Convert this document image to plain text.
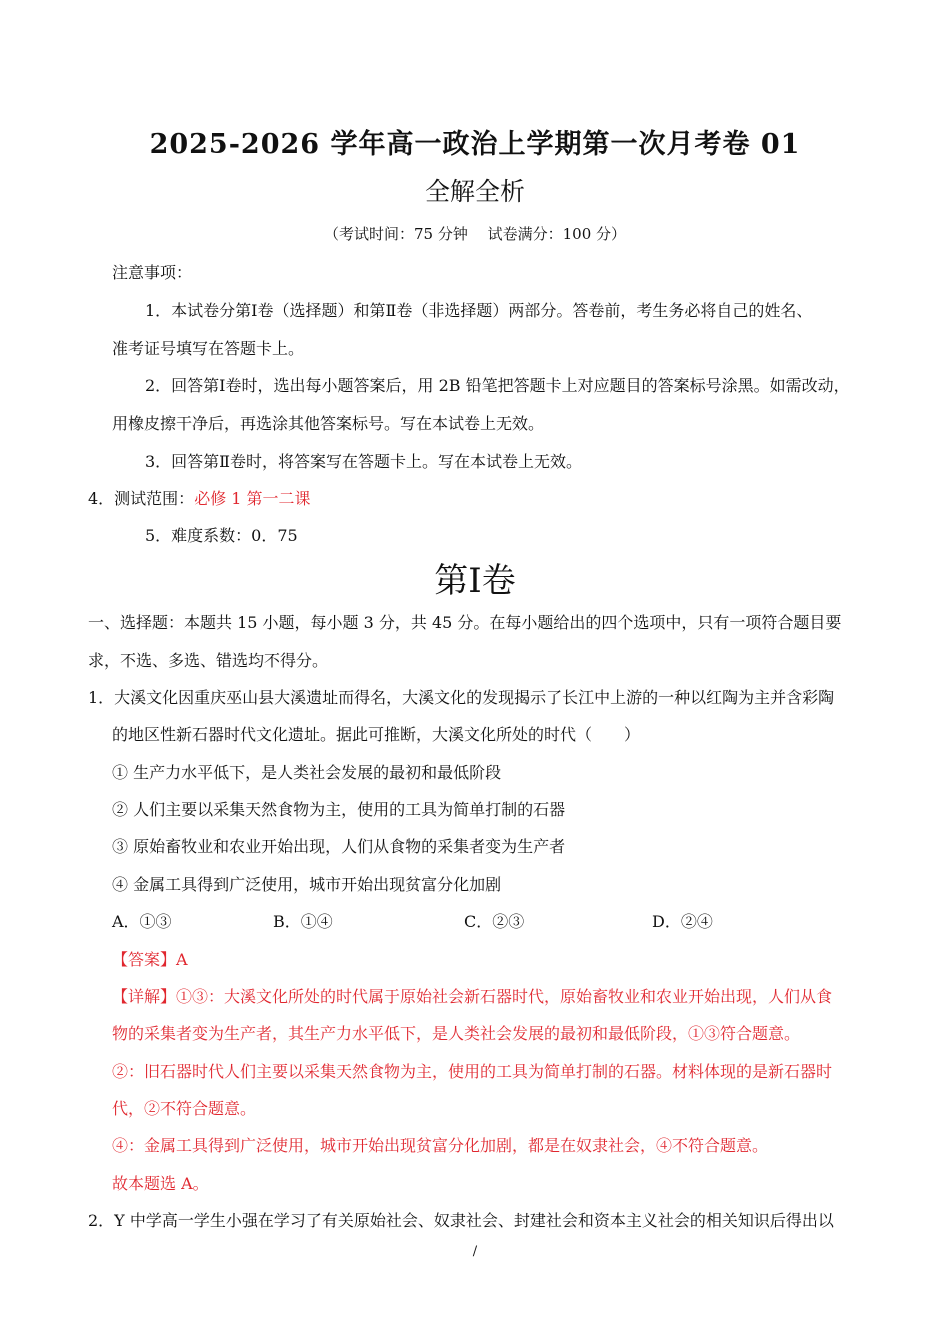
2025-2026 学年高一政治上学期第一次月考卷 01
全解全析
（考试时间：75 分钟　 试卷满分：100 分）
注意事项：
1．本试卷分第Ⅰ卷（选择题）和第Ⅱ卷（非选择题）两部分。答卷前，考生务必将自己的姓名、
准考证号填写在答题卡上。
2．回答第Ⅰ卷时，选出每小题答案后，用 2B 铅笔把答题卡上对应题目的答案标号涂黑。如需改动，
用橡皮擦干净后，再选涂其他答案标号。写在本试卷上无效。
3．回答第Ⅱ卷时，将答案写在答题卡上。写在本试卷上无效。
4．测试范围：必修 1 第一二课
5．难度系数：0．75
第Ⅰ卷
一、选择题：本题共 15 小题，每小题 3 分，共 45 分。在每小题给出的四个选项中，只有一项符合题目要
求，不选、多选、错选均不得分。
1．大溪文化因重庆巫山县大溪遗址而得名，大溪文化的发现揭示了长江中上游的一种以红陶为主并含彩陶
的地区性新石器时代文化遗址。据此可推断，大溪文化所处的时代（　　）
① 生产力水平低下，是人类社会发展的最初和最低阶段
② 人们主要以采集天然食物为主，使用的工具为简单打制的石器
③ 原始畜牧业和农业开始出现，人们从食物的采集者变为生产者
④ 金属工具得到广泛使用，城市开始出现贫富分化加剧
A．①③	B．①④	C．②③	D．②④
【答案】A
【详解】①③：大溪文化所处的时代属于原始社会新石器时代，原始畜牧业和农业开始出现，人们从食
物的采集者变为生产者，其生产力水平低下，是人类社会发展的最初和最低阶段，①③符合题意。
②：旧石器时代人们主要以采集天然食物为主，使用的工具为简单打制的石器。材料体现的是新石器时
代，②不符合题意。
④：金属工具得到广泛使用，城市开始出现贫富分化加剧，都是在奴隶社会，④不符合题意。
故本题选 A。
2．Y 中学高一学生小强在学习了有关原始社会、奴隶社会、封建社会和资本主义社会的相关知识后得出以
/
